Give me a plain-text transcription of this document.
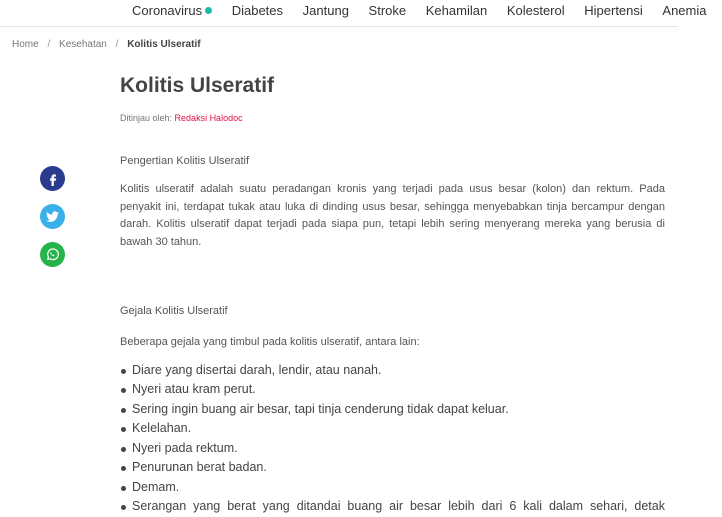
Coronavirus Diabetes Jantung Stroke Kehamilan Kolesterol Hipertensi Anemia
Home / Kesehatan / Kolitis Ulseratif
Kolitis Ulseratif
Ditinjau oleh: Redaksi Halodoc

Pengertian Kolitis Ulseratif

Kolitis ulseratif adalah suatu peradangan kronis yang terjadi pada usus besar (kolon) dan rektum. Pada penyakit ini, terdapat tukak atau luka di dinding usus besar, sehingga menyebabkan tinja bercampur dengan darah. Kolitis ulseratif dapat terjadi pada siapa pun, tetapi lebih sering menyerang mereka yang berusia di bawah 30 tahun.

Gejala Kolitis Ulseratif

Beberapa gejala yang timbul pada kolitis ulseratif, antara lain:

Diare yang disertai darah, lendir, atau nanah.
Nyeri atau kram perut.
Sering ingin buang air besar, tapi tinja cenderung tidak dapat keluar.
Kelelahan.
Nyeri pada rektum.
Penurunan berat badan.
Demam.
Serangan yang berat yang ditandai buang air besar lebih dari 6 kali dalam sehari, detak
